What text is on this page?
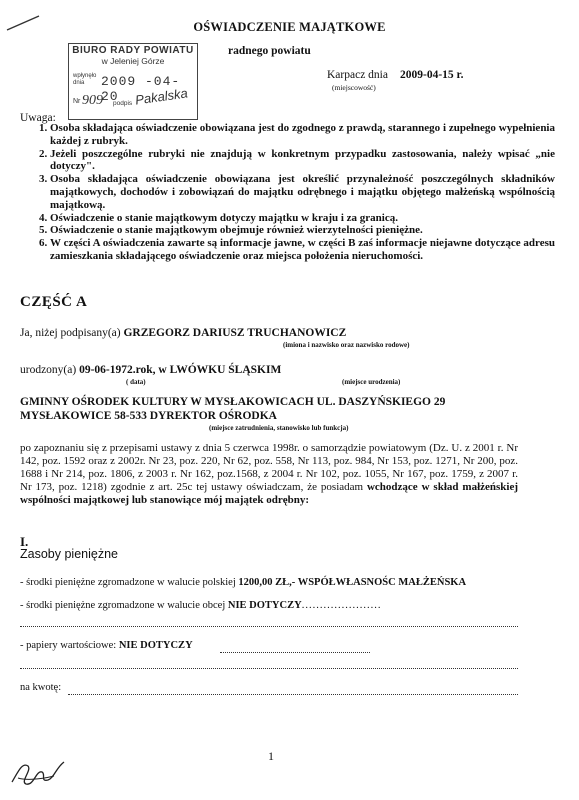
OŚWIADCZENIE MAJĄTKOWE
radnego powiatu
BIURO RADY POWIATU
w Jeleniej Górze
wpłynęło dnia	2009 -04- 20
Nr 909 podpis Pakalska
Karpacz dnia 2009-04-15 r.
(miejscowość)
Uwaga:
1. Osoba składająca oświadczenie obowiązana jest do zgodnego z prawdą, starannego i zupełnego wypełnienia każdej z rubryk.
2. Jeżeli poszczególne rubryki nie znajdują w konkretnym przypadku zastosowania, należy wpisać „nie dotyczy".
3. Osoba składająca oświadczenie obowiązana jest określić przynależność poszczególnych składników majątkowych, dochodów i zobowiązań do majątku odrębnego i majątku objętego małżeńską wspólnością majątkową.
4. Oświadczenie o stanie majątkowym dotyczy majątku w kraju i za granicą.
5. Oświadczenie o stanie majątkowym obejmuje również wierzytelności pieniężne.
6. W części A oświadczenia zawarte są informacje jawne, w części B zaś informacje niejawne dotyczące adresu zamieszkania składającego oświadczenie oraz miejsca położenia nieruchomości.
CZĘŚĆ A
Ja, niżej podpisany(a) GRZEGORZ DARIUSZ TRUCHANOWICZ
(imiona i nazwisko oraz nazwisko rodowe)
urodzony(a) 09-06-1972.rok, w LWÓWKU ŚLĄSKIM
( data)	(miejsce urodzenia)
GMINNY OŚRODEK KULTURY W MYSŁAKOWICACH UL. DASZYŃSKIEGO 29
MYSŁAKOWICE 58-533 DYREKTOR OŚRODKA
(miejsce zatrudnienia, stanowisko lub funkcja)
po zapoznaniu się z przepisami ustawy z dnia 5 czerwca 1998r. o samorządzie powiatowym (Dz. U. z 2001 r. Nr 142, poz. 1592 oraz z 2002r. Nr 23, poz. 220, Nr 62, poz. 558, Nr 113, poz. 984, Nr 153, poz. 1271, Nr 200, poz. 1688 i Nr 214, poz. 1806, z 2003 r. Nr 162, poz.1568, z 2004 r. Nr 102, poz. 1055, Nr 167, poz. 1759, z 2007 r. Nr 173, poz. 1218) zgodnie z art. 25c tej ustawy oświadczam, że posiadam wchodzące w skład małżeńskiej wspólności majątkowej lub stanowiące mój majątek odrębny:
I.
Zasoby pieniężne
- środki pieniężne zgromadzone w walucie polskiej 1200,00 ZŁ,- WSPÓŁWŁASNOŚC MAŁŻEŃSKA
- środki pieniężne zgromadzone w walucie obcej NIE DOTYCZY......................
- papiery wartościowe: NIE DOTYCZY
na kwotę:
1
